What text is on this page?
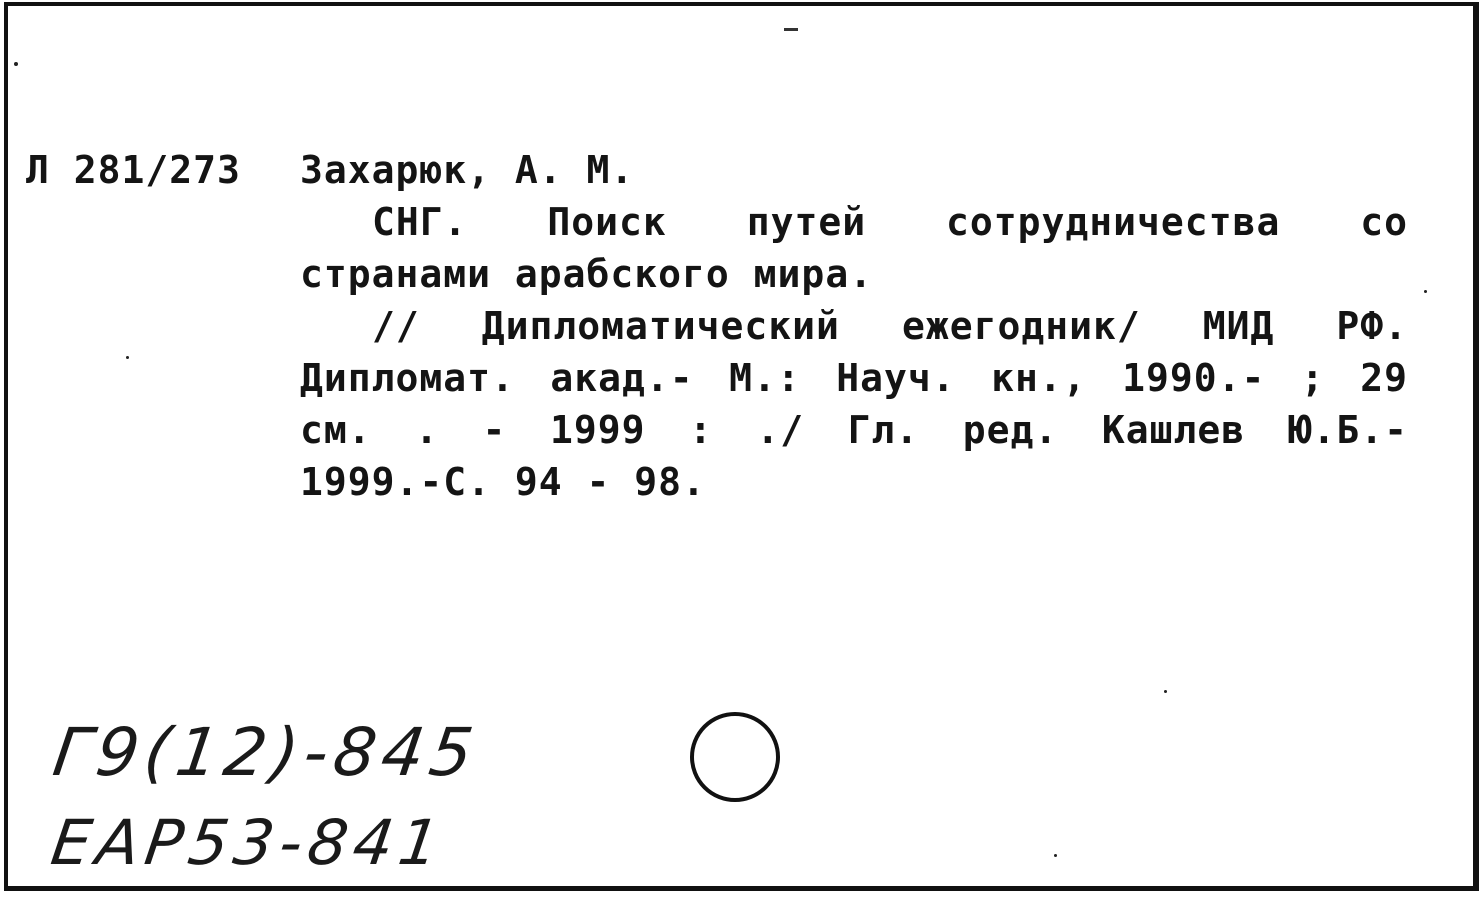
Л 281/273 Захарюк, А. М.
СНГ. Поиск путей сотрудничества со
странами арабского мира.
// Дипломатический ежегодник/ МИД РФ.
Дипломат. акад.- М.: Науч. кн., 1990.- ; 29
см. . - 1999 : ./ Гл. ред. Кашлев Ю.Б.-
1999.-С. 94 - 98.
Г9(12)-845
ЕАР53-841
